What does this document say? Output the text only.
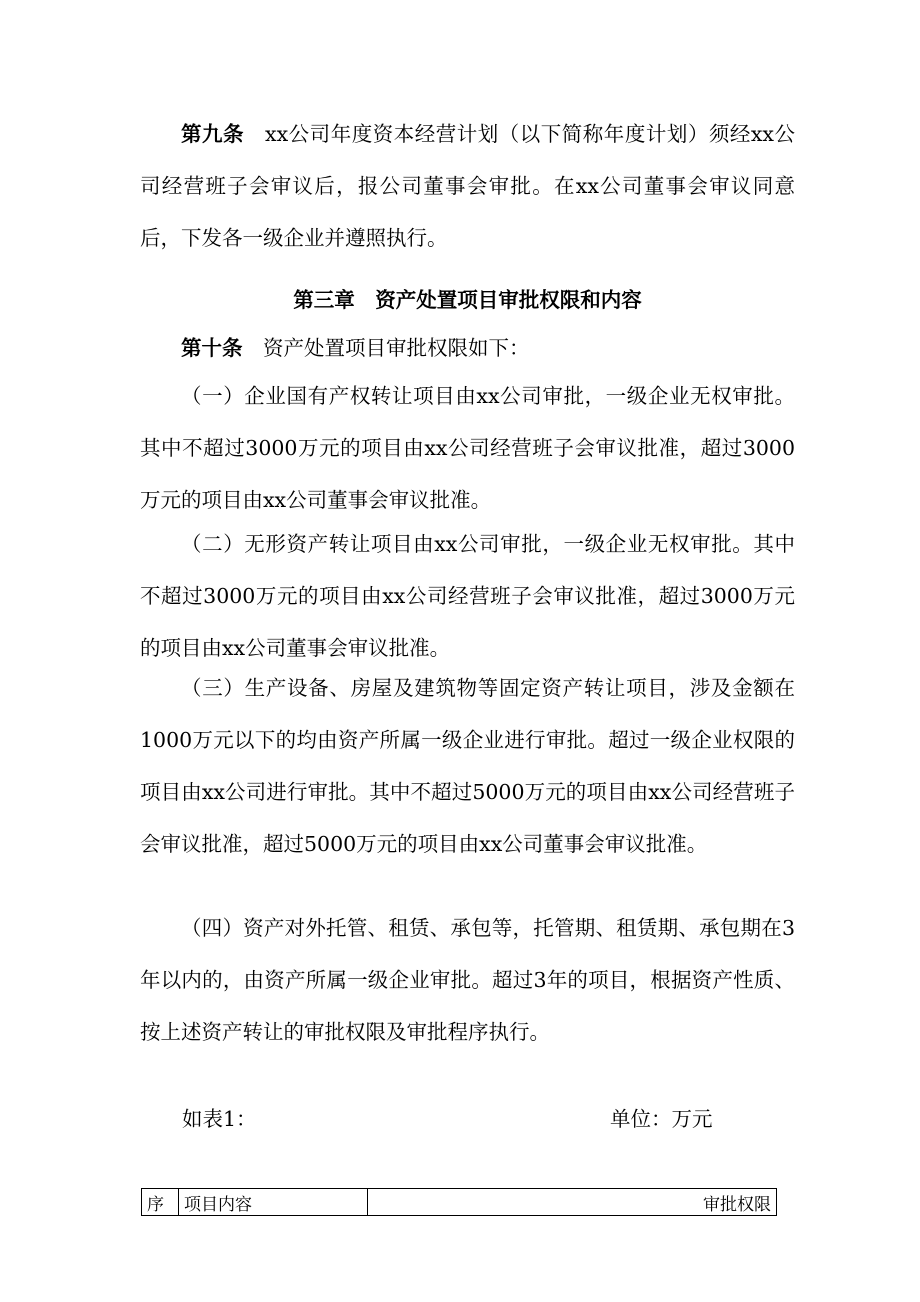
第九条　 xx公司年度资本经营计划（以下简称年度计划）须经xx公司经营班子会审议后，报公司董事会审批。在xx公司董事会审议同意后，下发各一级企业并遵照执行。

第三章　资产处置项目审批权限和内容

第十条　 资产处置项目审批权限如下：

（一）企业国有产权转让项目由xx公司审批，一级企业无权审批。其中不超过3000万元的项目由xx公司经营班子会审议批准，超过3000万元的项目由xx公司董事会审议批准。

（二）无形资产转让项目由xx公司审批，一级企业无权审批。其中不超过3000万元的项目由xx公司经营班子会审议批准，超过3000万元的项目由xx公司董事会审议批准。

（三）生产设备、房屋及建筑物等固定资产转让项目，涉及金额在1000万元以下的均由资产所属一级企业进行审批。超过一级企业权限的项目由xx公司进行审批。其中不超过5000万元的项目由xx公司经营班子会审议批准，超过5000万元的项目由xx公司董事会审议批准。

（四）资产对外托管、租赁、承包等，托管期、租赁期、承包期在3年以内的，由资产所属一级企业审批。超过3年的项目，根据资产性质、按上述资产转让的审批权限及审批程序执行。

如表1：	单位：万元
序	项目内容	审批权限
